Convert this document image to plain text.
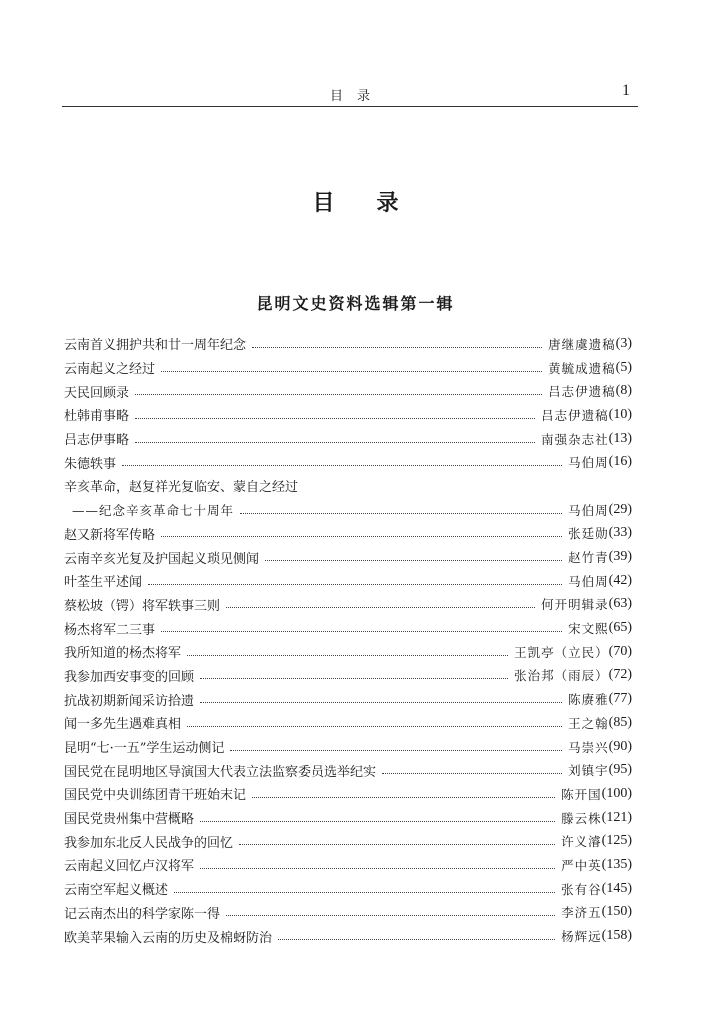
目录	1
目录
昆明文史资料选辑第一辑
云南首义拥护共和廿一周年纪念	唐继虞遗稿 (3)
云南起义之经过	黄毓成遗稿 (5)
天民回顾录	吕志伊遗稿 (8)
杜韩甫事略	吕志伊遗稿 (10)
吕志伊事略	南强杂志社 (13)
朱德轶事	马伯周 (16)
辛亥革命，赵复祥光复临安、蒙自之经过
——纪念辛亥革命七十周年	马伯周 (29)
赵又新将军传略	张廷勋 (33)
云南辛亥光复及护国起义琐见侧闻	赵竹青 (39)
叶荃生平述闻	马伯周 (42)
蔡松坡（锷）将军轶事三则	何开明辑录 (63)
杨杰将军二三事	宋文熙 (65)
我所知道的杨杰将军	王凯亭（立民） (70)
我参加西安事变的回顾	张治邦（雨辰） (72)
抗战初期新闻采访拾遗	陈赓雅 (77)
闻一多先生遇难真相	王之翰 (85)
昆明“七·一五”学生运动侧记	马崇兴 (90)
国民党在昆明地区导演国大代表立法监察委员选举纪实	刘镇宇 (95)
国民党中央训练团青干班始末记	陈开国 (100)
国民党贵州集中营概略	滕云株 (121)
我参加东北反人民战争的回忆	许义濬 (125)
云南起义回忆卢汉将军	严中英 (135)
云南空军起义概述	张有谷 (145)
记云南杰出的科学家陈一得	李济五 (150)
欧美苹果输入云南的历史及棉蚜防治	杨辉远 (158)
